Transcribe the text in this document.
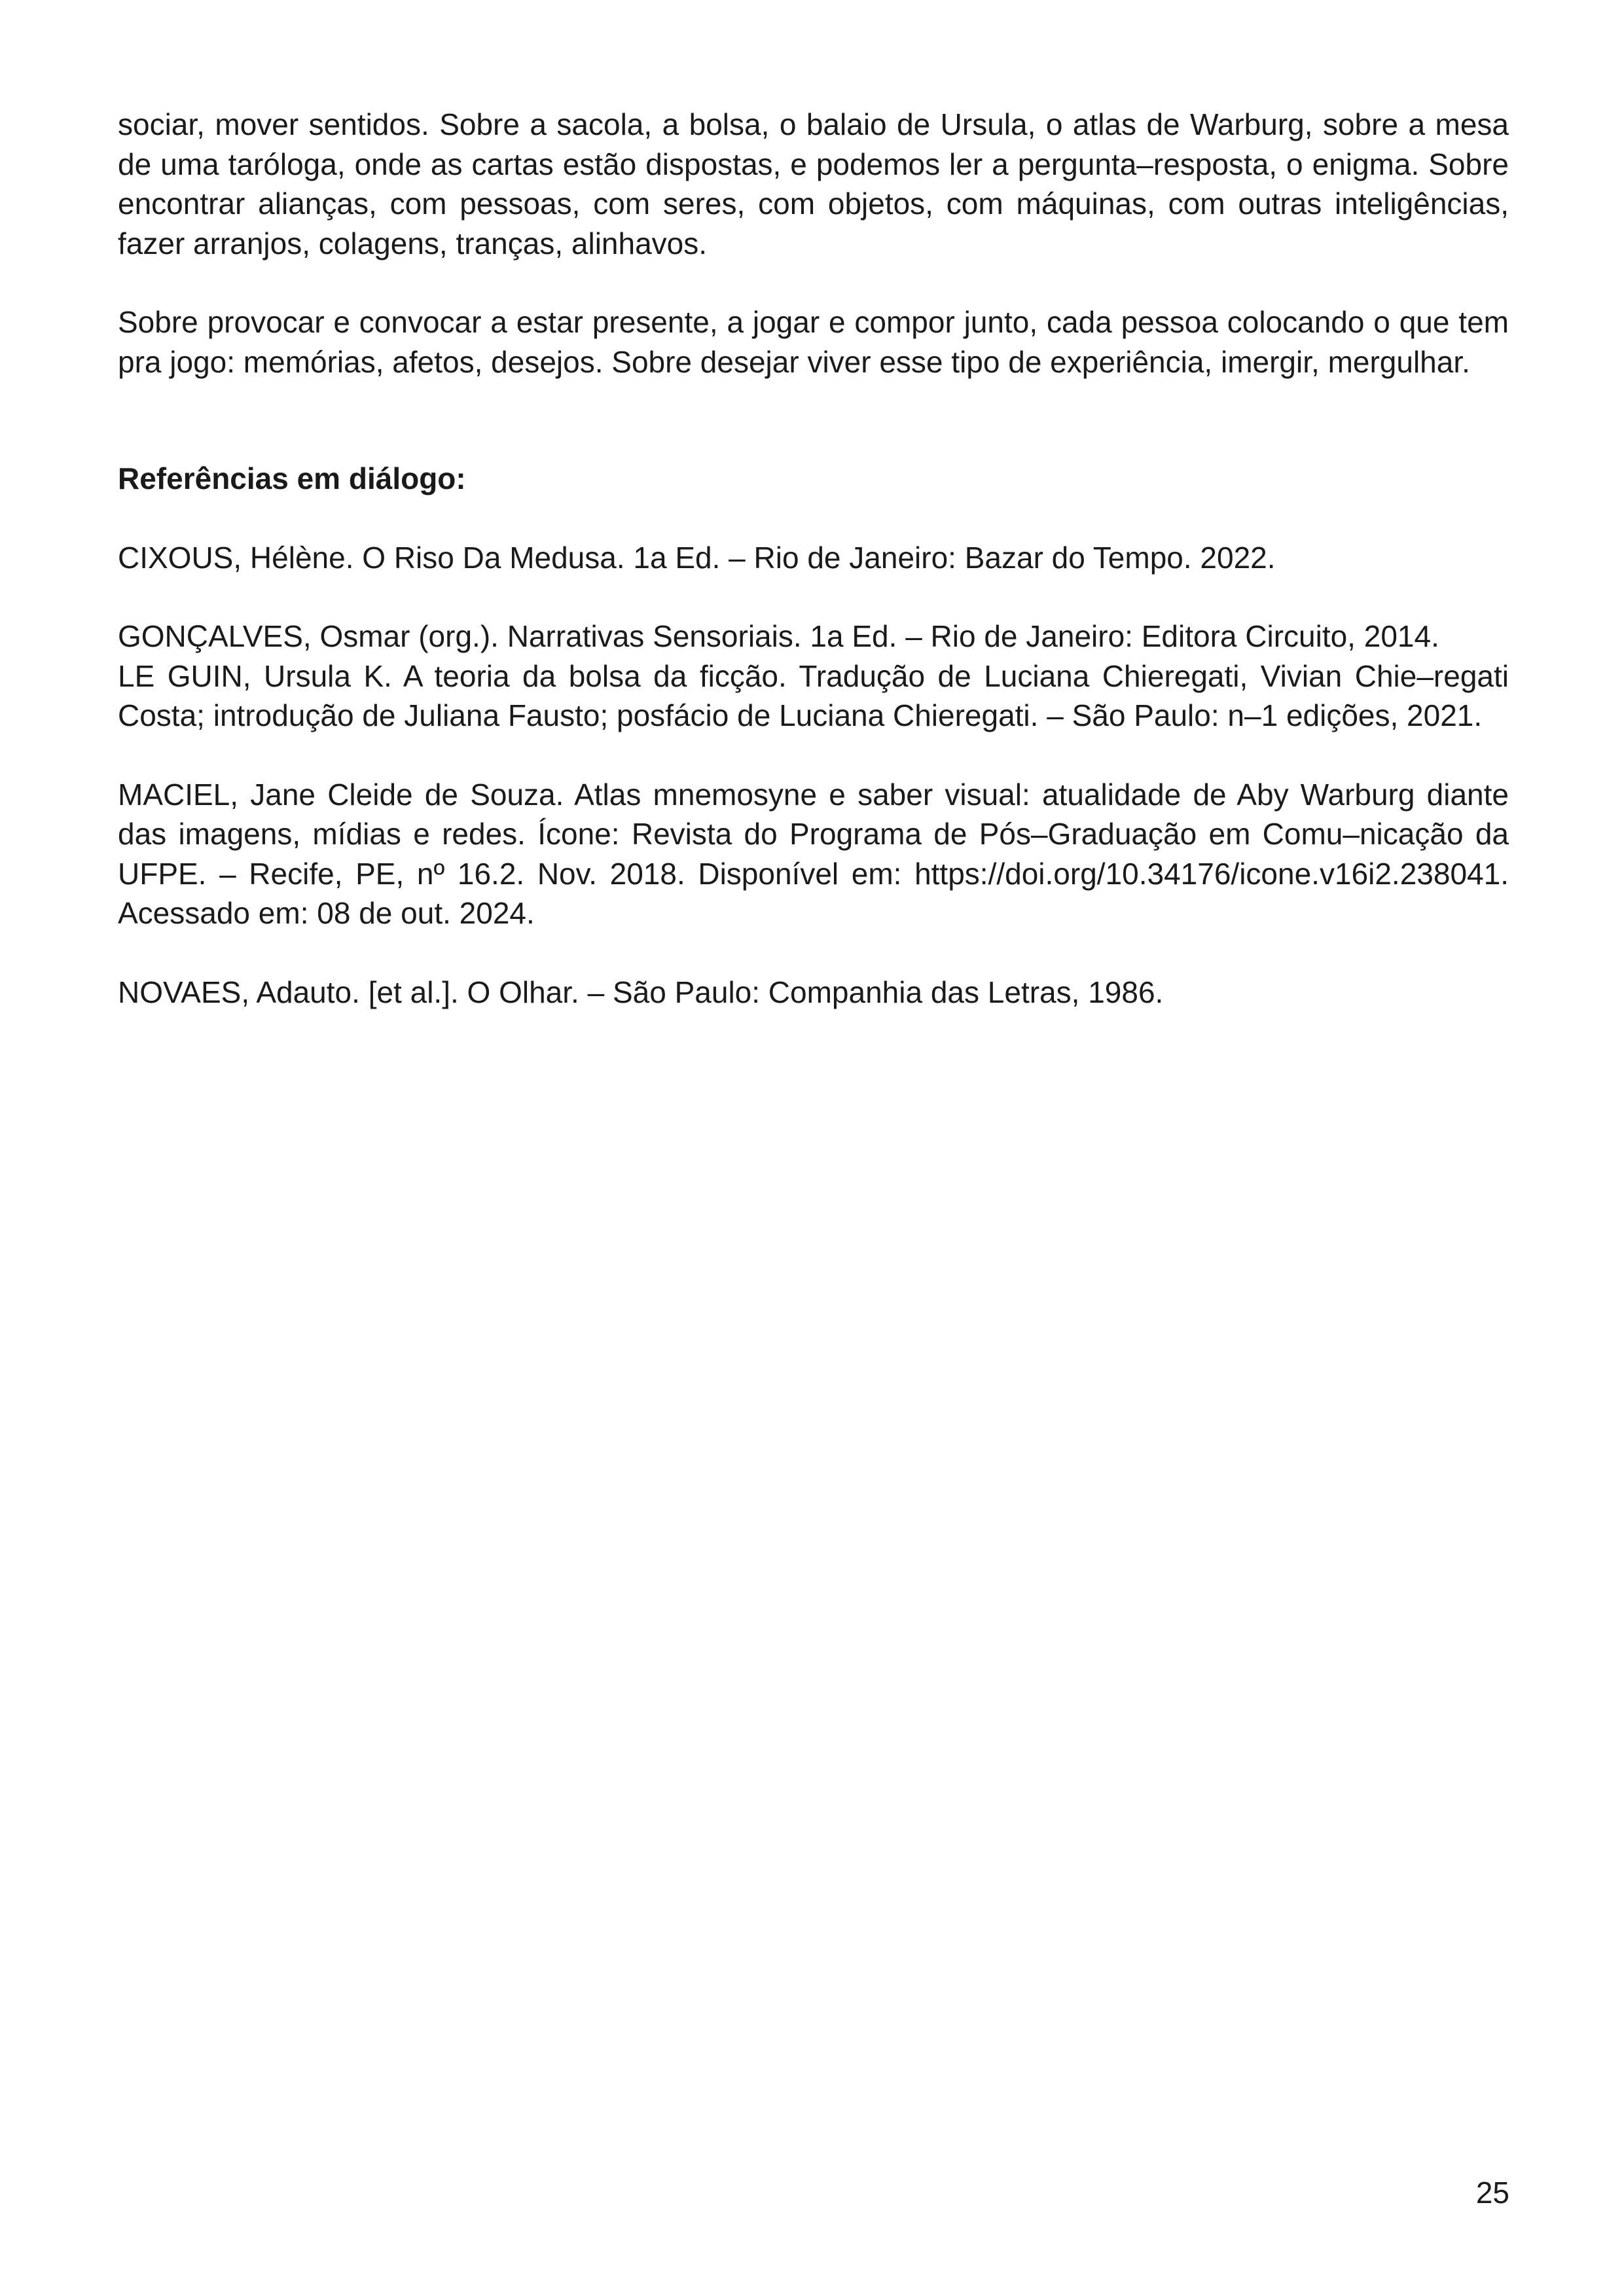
sociar, mover sentidos. Sobre a sacola, a bolsa, o balaio de Ursula, o atlas de Warburg, sobre a mesa de uma taróloga, onde as cartas estão dispostas, e podemos ler a pergunta–resposta, o enigma. Sobre encontrar alianças, com pessoas, com seres, com objetos, com máquinas, com outras inteligências, fazer arranjos, colagens, tranças, alinhavos.

Sobre provocar e convocar a estar presente, a jogar e compor junto, cada pessoa colocando o que tem pra jogo: memórias, afetos, desejos. Sobre desejar viver esse tipo de experiência, imergir, mergulhar.

Referências em diálogo:

CIXOUS, Hélène. O Riso Da Medusa. 1a Ed. – Rio de Janeiro: Bazar do Tempo. 2022.

GONÇALVES, Osmar (org.). Narrativas Sensoriais. 1a Ed. – Rio de Janeiro: Editora Circuito, 2014.

LE GUIN, Ursula K. A teoria da bolsa da ficção. Tradução de Luciana Chieregati, Vivian Chie–regati Costa; introdução de Juliana Fausto; posfácio de Luciana Chieregati. – São Paulo: n–1 edições, 2021.

MACIEL, Jane Cleide de Souza. Atlas mnemosyne e saber visual: atualidade de Aby Warburg diante das imagens, mídias e redes. Ícone: Revista do Programa de Pós–Graduação em Comu–nicação da UFPE. – Recife, PE, nº 16.2. Nov. 2018. Disponível em: https://doi.org/10.34176/icone.v16i2.238041. Acessado em: 08 de out. 2024.

NOVAES, Adauto. [et al.]. O Olhar. – São Paulo: Companhia das Letras, 1986.

25
